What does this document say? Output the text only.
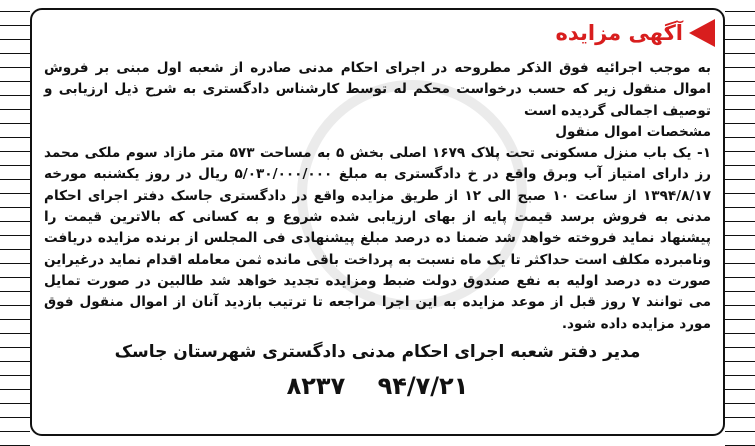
آگهی مزایده

به موجب اجرائیه فوق الذکر مطروحه در اجرای احکام مدنی صادره از شعبه اول مبنی بر فروش اموال منقول زیر که حسب درخواست محکم له توسط کارشناس دادگستری به شرح ذیل ارزیابی و توصیف اجمالی گردیده است

مشخصات اموال منقول

۱- یک باب منزل مسکونی تحت پلاک ۱۶۷۹ اصلی بخش ۵ به مساحت ۵۷۳ متر مازاد سوم ملکی محمد رز دارای امتیاز آب وبرق واقع در خ دادگستری به مبلغ ۵/۰۳۰/۰۰۰/۰۰۰ ریال در روز یکشنبه مورخه ۱۳۹۴/۸/۱۷ از ساعت ۱۰ صبح الی ۱۲ از طریق مزایده واقع در دادگستری جاسک دفتر اجرای احکام مدنی به فروش برسد قیمت پایه از بهای ارزیابی شده شروع و به کسانی که بالاترین قیمت را پیشنهاد نماید فروخته خواهد شد ضمنا ده درصد مبلغ پیشنهادی فی المجلس از برنده مزایده دریافت ونامبرده مکلف است حداکثر تا یک ماه نسبت به پرداخت باقی مانده ثمن معامله اقدام نماید درغیراین صورت ده درصد اولیه به نفع صندوق دولت ضبط ومزایده تجدید خواهد شد طالبین در صورت تمایل می توانند ۷ روز قبل از موعد مزایده به این اجرا مراجعه تا ترتیب بازدید آنان از اموال منقول فوق مورد مزایده داده شود.

مدیر دفتر شعبه اجرای احکام مدنی دادگستری شهرستان جاسک
۹۴/۷/۲۱ ۸۲۳۷
